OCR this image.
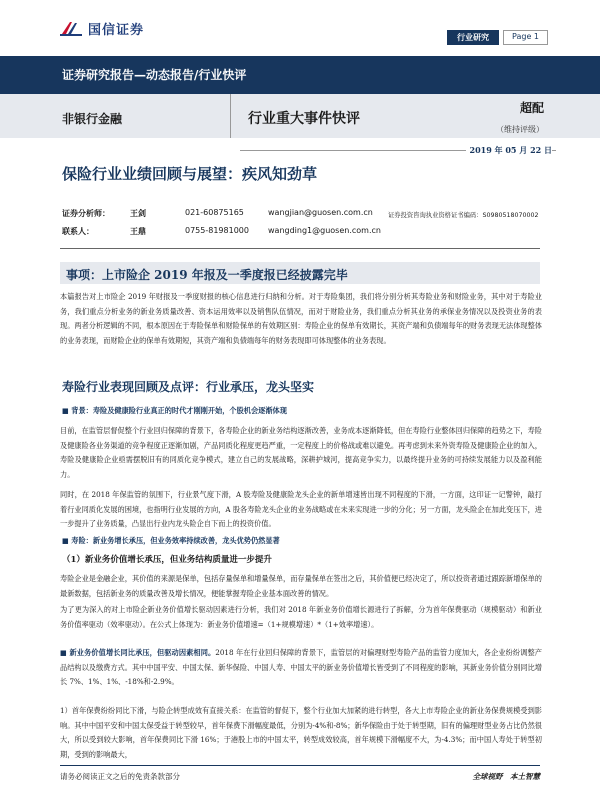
国信证券	行业研究	Page 1
证券研究报告—动态报告/行业快评
非银行金融	行业重大事件快评
超配
（维持评级）
2019 年 05 月 22 日
保险行业业绩回顾与展望：疾风知劲草
证券分析师：	王剑	021-60875165	wangjian@guosen.com.cn 证券投资咨询执业资格证书编码：S0980518070002
联系人：	王鼎	0755-81981000 wangding1@guosen.com.cn
事项：上市险企 2019 年报及一季度报已经披露完毕
本篇报告对上市险企 2019 年财报及一季度财报的核心信息进行归纳和分析。对于寿险集团，我们将分别分析其寿险业务和财险业务，其中对于寿险业务，我们重点分析业务的新业务质量改善、资本运用效率以及销售队伍情况，而对于财险业务，我们重点分析其业务的承保业务情况以及投资业务的表现。两者分析逻辑的不同，根本原因在于寿险保单和财险保单的有效期区别：寿险企业的保单有效期长，其资产端和负债端每年的财务表现无法体现整体的业务表现，而财险企业的保单有效期短，其资产端和负债端每年的财务表现即可体现整体的业务表现。
寿险行业表现回顾及点评：行业承压，龙头坚实
■ 背景：寿险及健康险行业真正的时代才刚刚开始，个股机会逐渐体现
目前，在监管层督促整个行业回归保障的背景下，各寿险企业的新业务结构逐渐改善，业务成本逐渐降低，但在寿险行业整体回归保障的趋势之下，寿险及健康险各业务渠道的竞争程度正逐渐加剧，产品同质化程度更趋严重，一定程度上的价格战或难以避免。再考虑到未来外资寿险及健康险企业的加入，寿险及健康险企业亟需摆脱旧有的同质化竞争模式，建立自己的发展战略，深耕护城河，提高竞争实力，以最终提升业务的可持续发展能力以及盈利能力。
同时，在 2018 年保监管的氛围下，行业景气度下滑，A 股寿险及健康险龙头企业的新单增速皆出现不同程度的下滑，一方面，这印证一记警钟，敲打着行业同质化发展的困境，也指明行业发展的方向，A 股各寿险龙头企业的业务战略或在未来实现进一步的分化；另一方面，龙头险企在加此变压下，进一步提升了业务质量，凸显出行业内龙头险企自下而上的投资价值。
■ 寿险：新业务增长承压，但业务效率持续改善，龙头优势仍然显著
（1）新业务价值增长承压，但业务结构质量进一步提升
寿险企业是金融企业，其价值的来源是保单，包括存量保单和增量保单，而存量保单在签出之后，其价值便已经决定了，所以投资者通过跟踪新增保单的最新数据，包括新业务的质量改善及增长情况，便能掌握寿险企业基本面改善的情况。
为了更为深入的对上市险企新业务价值增长驱动因素进行分析，我们对 2018 年新业务价值增长源进行了拆解，分为首年保费驱动（规模驱动）和新业务价值率驱动（效率驱动）。在公式上体现为：新业务价值增速=（1+规模增速）*（1+效率增速）。
■ 新业务价值增长同比承压，但驱动因素相同。2018 年在行业回归保障的背景下，监管层的对偏理财型寿险产品的监管力度加大，各企业纷纷调整产品结构以及缴费方式。其中中国平安、中国太保、新华保险、中国人寿、中国太平的新业务价值增长皆受到了不同程度的影响，其新业务价值分别同比增长 7%、1%、1%、-18%和-2.9%。
1）首年保费纷纷同比下滑，与险企转型成效有直接关系：在监管的督促下，整个行业加大加紧的进行转型，各大上市寿险企业的新业务保费规模受到影响。其中中国平安和中国太保受益于转型较早，首年保费下滑幅度最低，分别为-4%和-8%；新华保险由于处于转型期，旧有的偏理财型业务占比仍然很大，所以受到较大影响，首年保费同比下滑 16%；于港股上市的中国太平，转型成效较高，首年规模下滑幅度不大，为-4.3%；而中国人寿处于转型初期，受到的影响最大，
请务必阅读正文之后的免责条款部分	全球视野　本土智慧
